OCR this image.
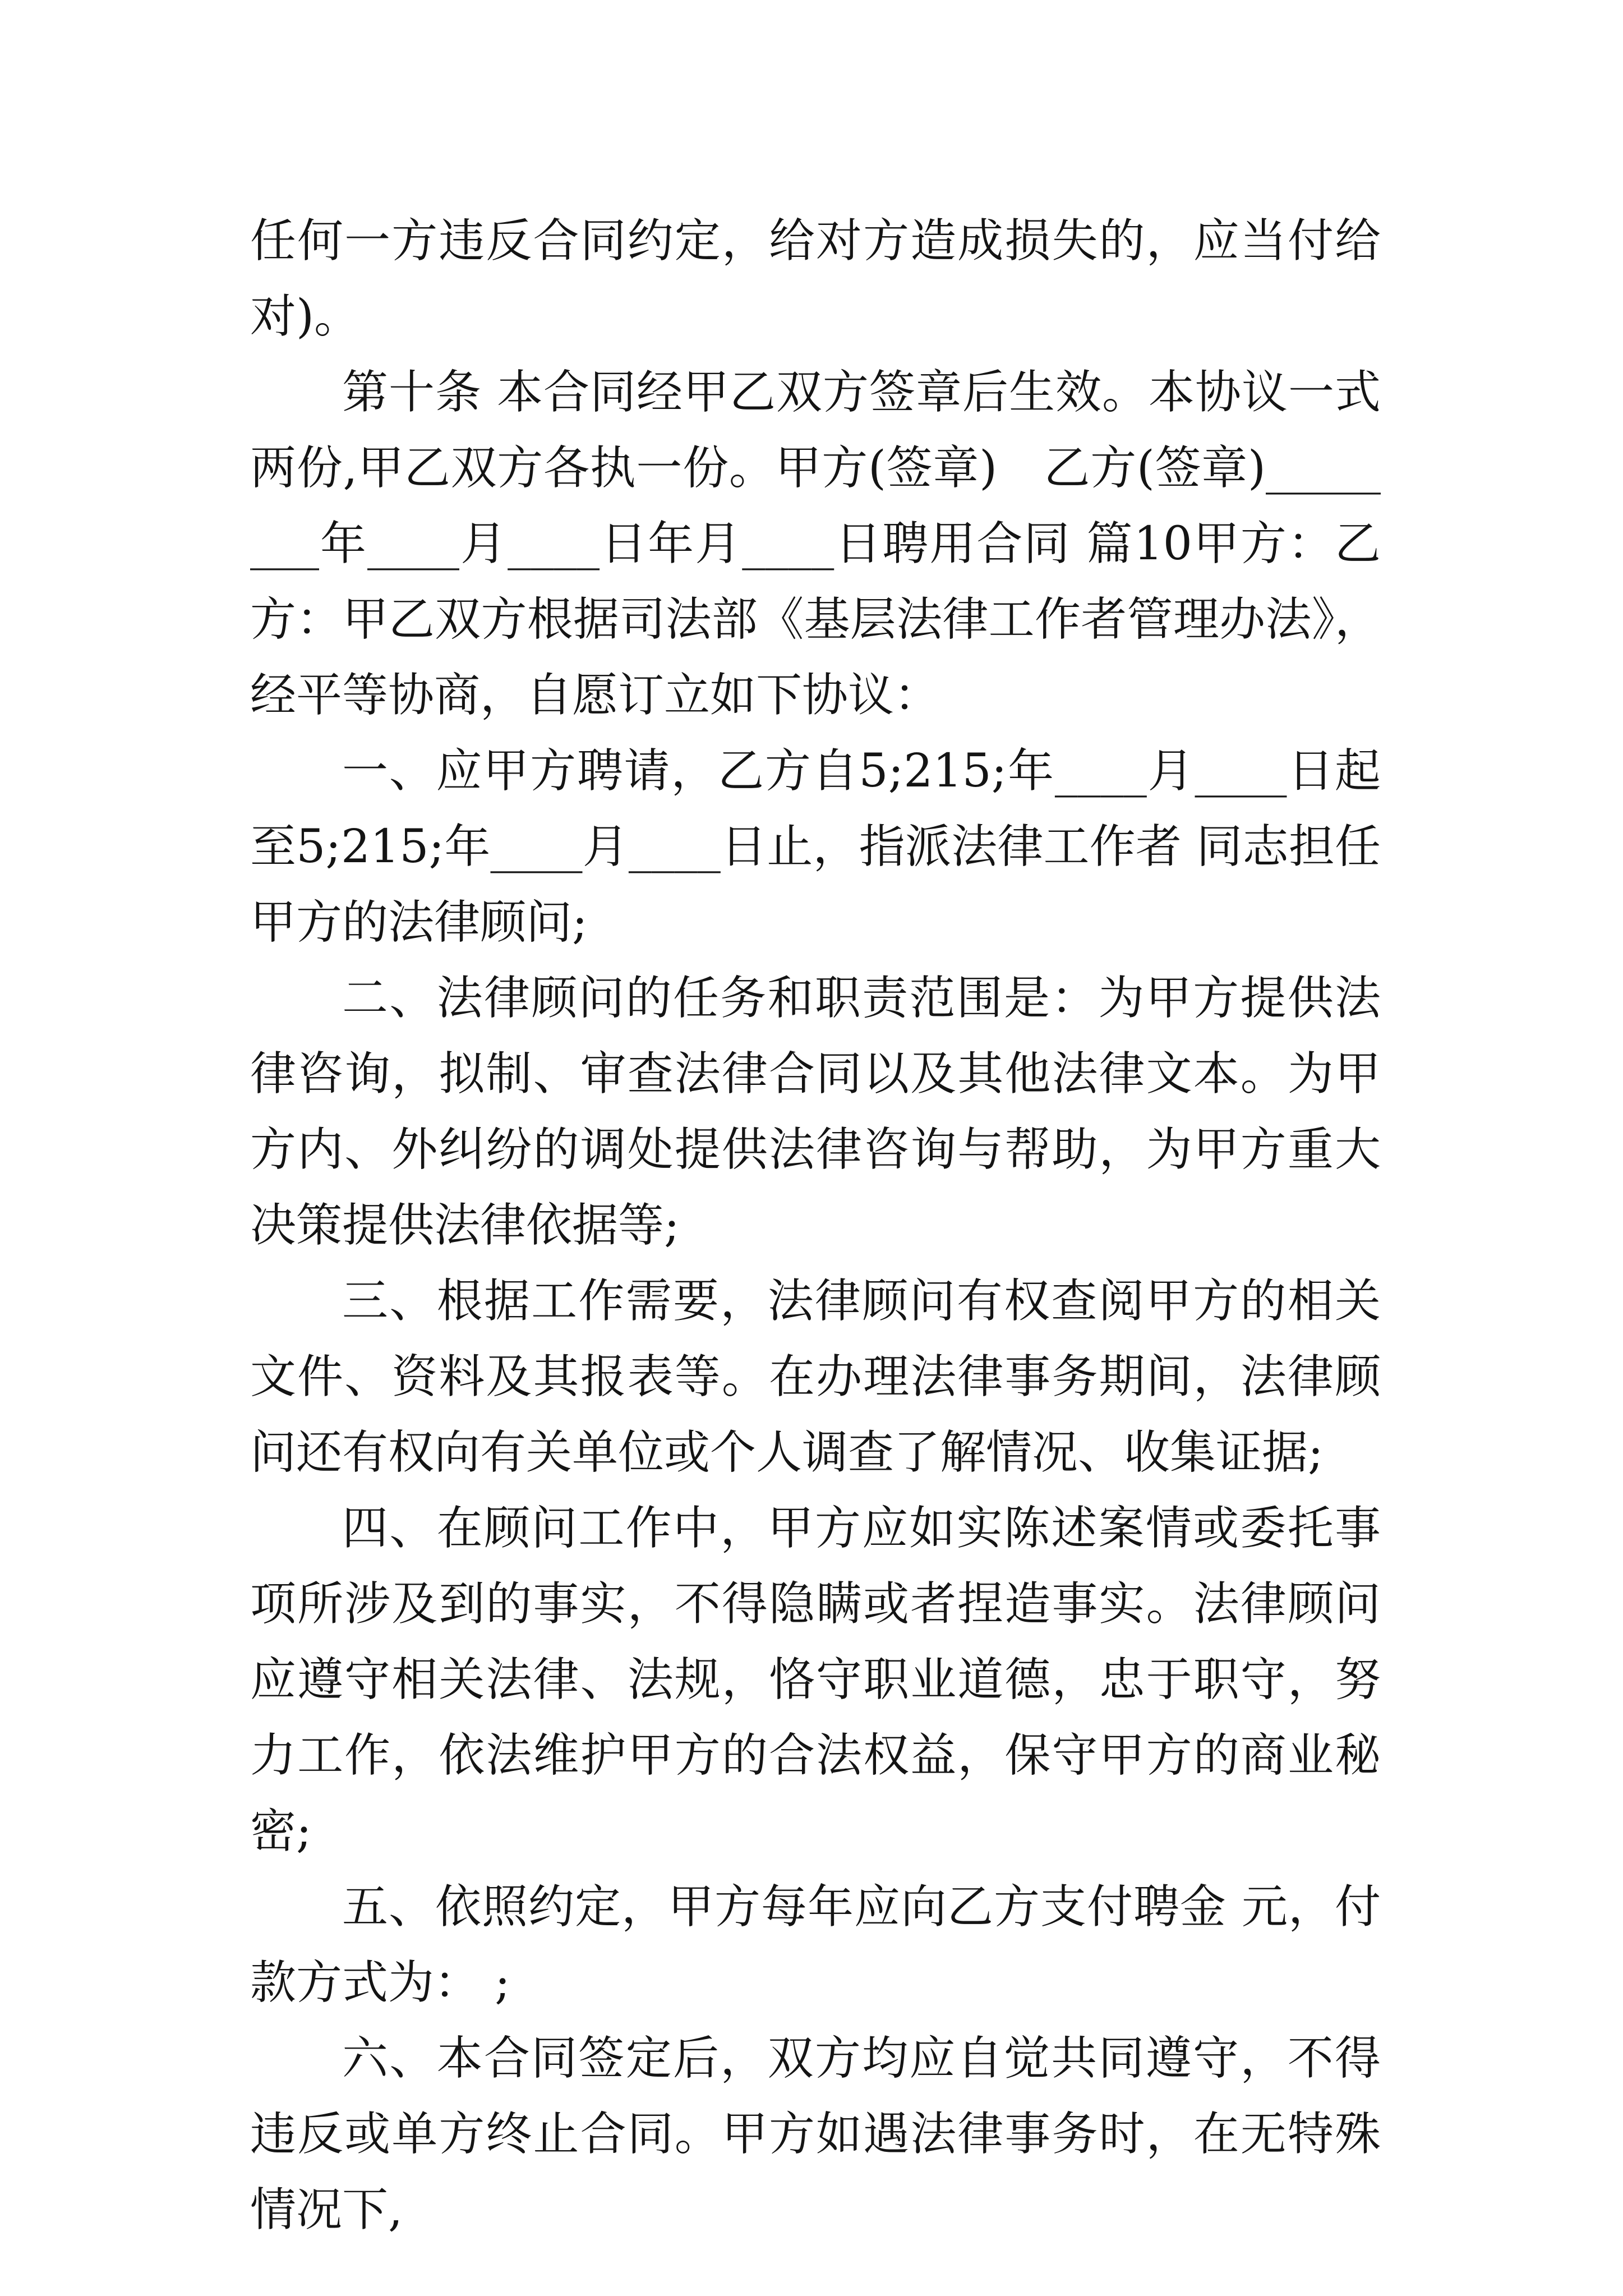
任何一方违反合同约定，给对方造成损失的，应当付给对)。

第十条 本合同经甲乙双方签章后生效。本协议一式两份,甲乙双方各执一份。甲方(签章)　乙方(签章)________年____月____日年月____日聘用合同 篇10甲方：乙方：甲乙双方根据司法部《基层法律工作者管理办法》，经平等协商，自愿订立如下协议：

一、应甲方聘请，乙方自5;215;年____月____日起至5;215;年____月____日止，指派法律工作者 同志担任甲方的法律顾问;

二、法律顾问的任务和职责范围是：为甲方提供法律咨询，拟制、审查法律合同以及其他法律文本。为甲方内、外纠纷的调处提供法律咨询与帮助，为甲方重大决策提供法律依据等;

三、根据工作需要，法律顾问有权查阅甲方的相关文件、资料及其报表等。在办理法律事务期间，法律顾问还有权向有关单位或个人调查了解情况、收集证据;

四、在顾问工作中，甲方应如实陈述案情或委托事项所涉及到的事实，不得隐瞒或者捏造事实。法律顾问应遵守相关法律、法规，恪守职业道德，忠于职守，努力工作，依法维护甲方的合法权益，保守甲方的商业秘密;

五、依照约定，甲方每年应向乙方支付聘金 元，付款方式为： ;

六、本合同签定后，双方均应自觉共同遵守，不得违反或单方终止合同。甲方如遇法律事务时，在无特殊情况下,
